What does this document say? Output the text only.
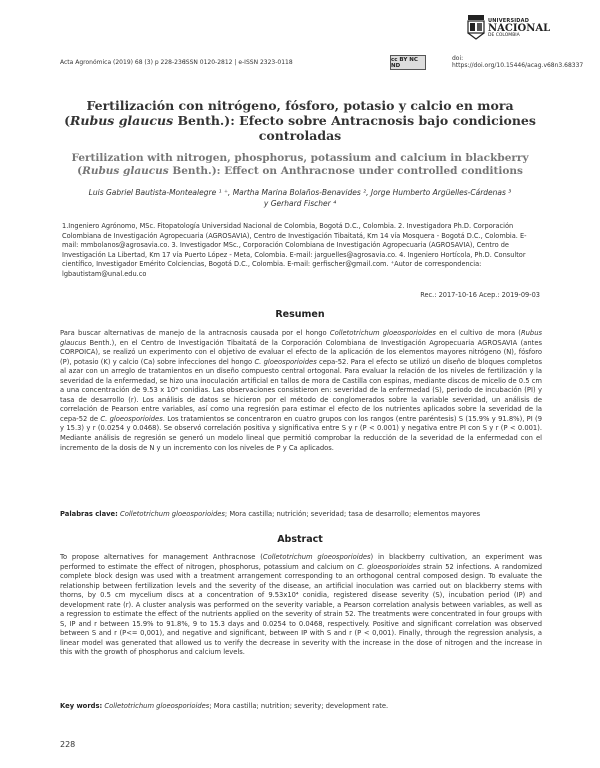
Acta Agronómica (2019) 68 (3) p 228-236
ISSN 0120-2812 | e-ISSN 2323-0118	cc BY NC ND
doi: https://doi.org/10.15446/acag.v68n3.68337
UNIVERSIDAD
NACIONAL
DE COLOMBIA
Fertilización con nitrógeno, fósforo, potasio y calcio en mora
(Rubus glaucus Benth.): Efecto sobre Antracnosis bajo condiciones
controladas
Fertilization with nitrogen, phosphorus, potassium and calcium in blackberry
(Rubus glaucus Benth.): Effect on Anthracnose under controlled conditions
Luis Gabriel Bautista-Montealegre ¹ ⁺, Martha Marina Bolaños-Benavides ², Jorge Humberto Argüelles-Cárdenas ³
y Gerhard Fischer ⁴
1.Ingeniero Agrónomo, MSc. Fitopatología Universidad Nacional de Colombia, Bogotá D.C., Colombia. 2. Investigadora Ph.D. Corporación Colombiana de Investigación Agropecuaria (AGROSAVIA), Centro de Investigación Tibaitatá, Km 14 vía Mosquera - Bogotá D.C., Colombia. E-mail: mmbolanos@agrosavia.co. 3. Investigador MSc., Corporación Colombiana de Investigación Agropecuaria (AGROSAVIA), Centro de Investigación La Libertad, Km 17 vía Puerto López - Meta, Colombia. E-mail: jarguelles@agrosavia.co. 4. Ingeniero Hortícola, Ph.D. Consultor científico, Investigador Emérito Colciencias, Bogotá D.C., Colombia. E-mail: gerfischer@gmail.com. ⁺Autor de correspondencia: lgbautistam@unal.edu.co
Rec.: 2017-10-16 Acep.: 2019-09-03
Resumen
Para buscar alternativas de manejo de la antracnosis causada por el hongo Colletotrichum gloeosporioides en el cultivo de mora (Rubus glaucus Benth.), en el Centro de Investigación Tibaitatá de la Corporación Colombiana de Investigación Agropecuaria AGROSAVIA (antes CORPOICA), se realizó un experimento con el objetivo de evaluar el efecto de la aplicación de los elementos mayores nitrógeno (N), fósforo (P), potasio (K) y calcio (Ca) sobre infecciones del hongo C. gloeosporioides cepa-52. Para el efecto se utilizó un diseño de bloques completos al azar con un arreglo de tratamientos en un diseño compuesto central ortogonal. Para evaluar la relación de los niveles de fertilización y la severidad de la enfermedad, se hizo una inoculación artificial en tallos de mora de Castilla con espinas, mediante discos de micelio de 0.5 cm a una concentración de 9.53 x 10⁴ conidias. Las observaciones consistieron en: severidad de la enfermedad (S), periodo de incubación (PI) y tasa de desarrollo (r). Los análisis de datos se hicieron por el método de conglomerados sobre la variable severidad, un análisis de correlación de Pearson entre variables, así como una regresión para estimar el efecto de los nutrientes aplicados sobre la severidad de la cepa-52 de C. gloeosporioides. Los tratamientos se concentraron en cuatro grupos con los rangos (entre paréntesis) S (15.9% y 91.8%), PI (9 y 15.3) y r (0.0254 y 0.0468). Se observó correlación positiva y significativa entre S y r (P < 0.001) y negativa entre PI con S y r (P < 0.001). Mediante análisis de regresión se generó un modelo lineal que permitió comprobar la reducción de la severidad de la enfermedad con el incremento de la dosis de N y un incremento con los niveles de P y Ca aplicados.
Palabras clave: Colletotrichum gloeosporioides; Mora castilla; nutrición; severidad; tasa de desarrollo; elementos mayores
Abstract
To propose alternatives for management Anthracnose (Colletotrichum gloeosporioides) in blackberry cultivation, an experiment was performed to estimate the effect of nitrogen, phosphorus, potassium and calcium on C. gloeosporioides strain 52 infections. A randomized complete block design was used with a treatment arrangement corresponding to an orthogonal central composed design. To evaluate the relationship between fertilization levels and the severity of the disease, an artificial inoculation was carried out on blackberry stems with thorns, by 0.5 cm mycelium discs at a concentration of 9.53x10⁴ conidia, registered disease severity (S), incubation period (IP) and development rate (r). A cluster analysis was performed on the severity variable, a Pearson correlation analysis between variables, as well as a regression to estimate the effect of the nutrients applied on the severity of strain 52. The treatments were concentrated in four groups with S, IP and r between 15.9% to 91.8%, 9 to 15.3 days and 0.0254 to 0.0468, respectively. Positive and significant correlation was observed between S and r (P<= 0,001), and negative and significant, between IP with S and r (P < 0,001). Finally, through the regression analysis, a linear model was generated that allowed us to verify the decrease in severity with the increase in the dose of nitrogen and the increase in this with the growth of phosphorus and calcium levels.
Key words: Colletotrichum gloeosporioides; Mora castilla; nutrition; severity; development rate.
228
